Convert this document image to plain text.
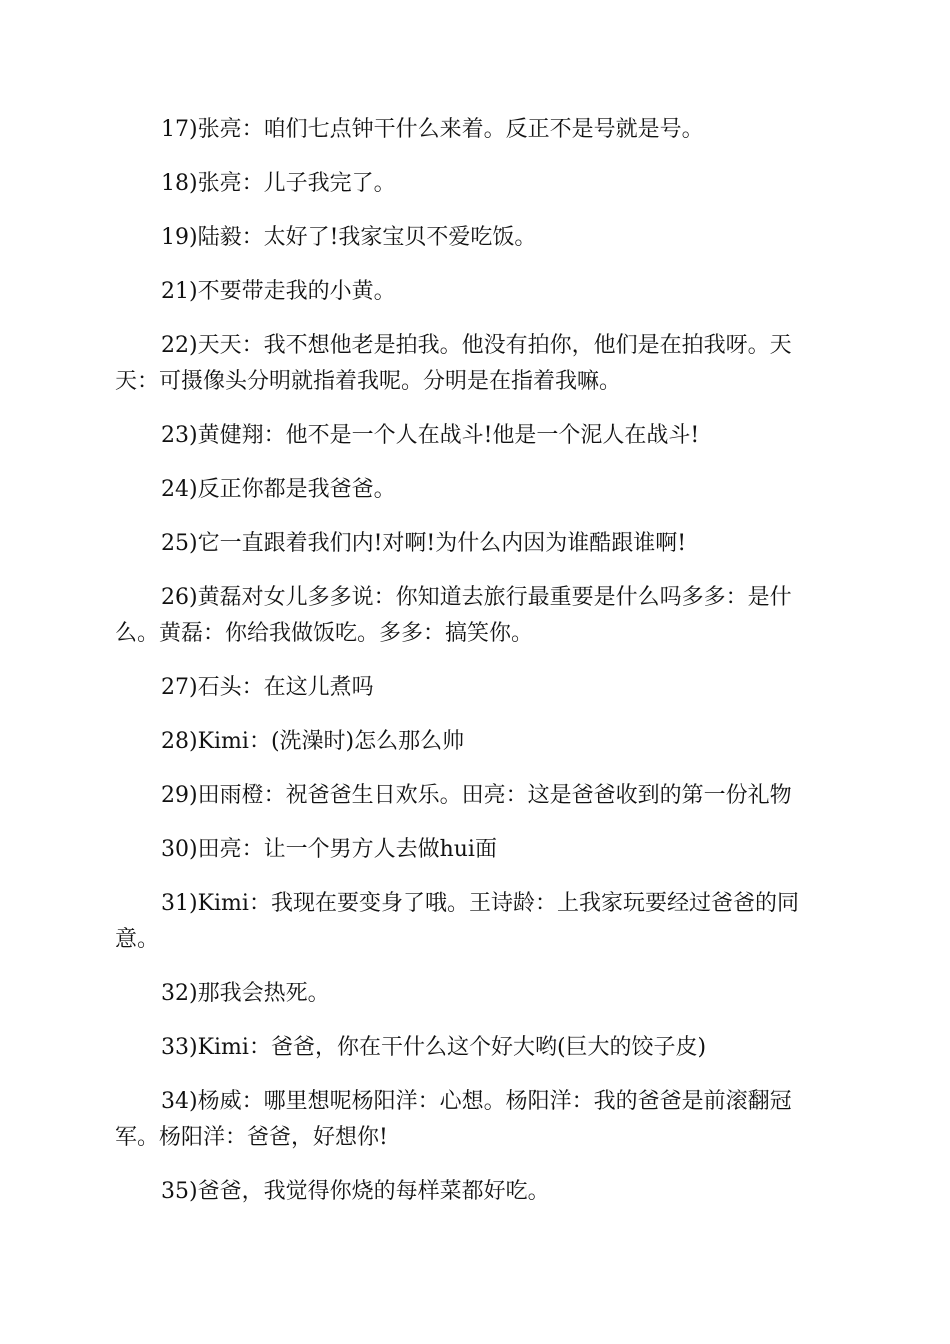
17)张亮：咱们七点钟干什么来着。反正不是号就是号。

18)张亮：儿子我完了。

19)陆毅：太好了!我家宝贝不爱吃饭。

21)不要带走我的小黄。

22)天天：我不想他老是拍我。他没有拍你，他们是在拍我呀。天天：可摄像头分明就指着我呢。分明是在指着我嘛。

23)黄健翔：他不是一个人在战斗!他是一个泥人在战斗!

24)反正你都是我爸爸。

25)它一直跟着我们内!对啊!为什么内因为谁酷跟谁啊!

26)黄磊对女儿多多说：你知道去旅行最重要是什么吗多多：是什么。黄磊：你给我做饭吃。多多：搞笑你。

27)石头：在这儿煮吗

28)Kimi：(洗澡时)怎么那么帅

29)田雨橙：祝爸爸生日欢乐。田亮：这是爸爸收到的第一份礼物

30)田亮：让一个男方人去做hui面

31)Kimi：我现在要变身了哦。王诗龄：上我家玩要经过爸爸的同意。

32)那我会热死。

33)Kimi：爸爸，你在干什么这个好大哟(巨大的饺子皮)

34)杨威：哪里想呢杨阳洋：心想。杨阳洋：我的爸爸是前滚翻冠军。杨阳洋：爸爸，好想你!

35)爸爸，我觉得你烧的每样菜都好吃。
